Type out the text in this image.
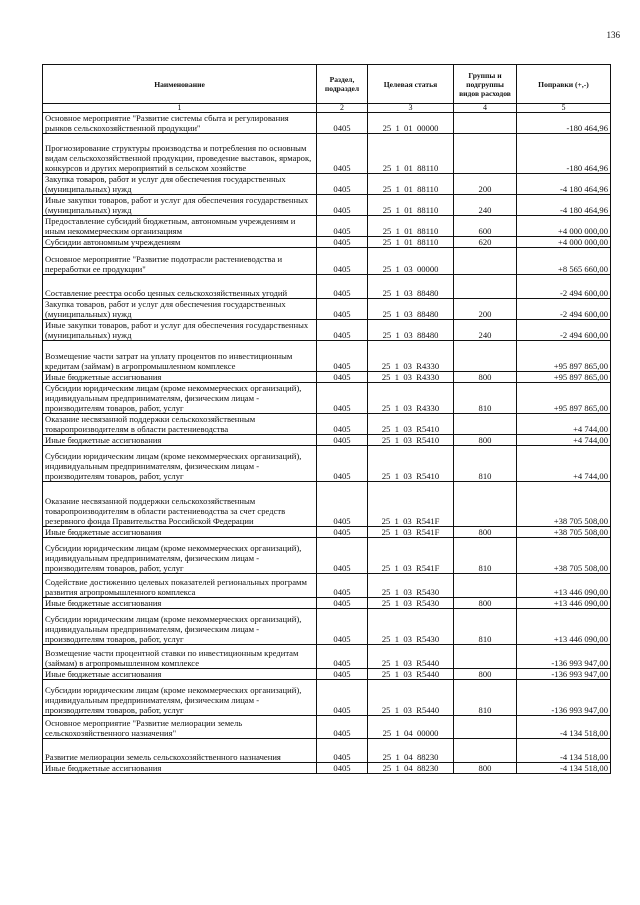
136
Наименование	Раздел, подраздел	Целевая статья	Группы и подгруппы видов расходов	Поправки (+,-)
1	2	3	4	5
Основное мероприятие "Развитие системы сбыта и регулирования рынков сельскохозяйственной продукции"	0405	25  1  01  00000		-180 464,96
Прогнозирование структуры производства и потребления по основным видам сельскохозяйственной продукции, проведение выставок, ярмарок, конкурсов и других мероприятий в сельском хозяйстве	0405	25  1  01  88110		-180 464,96
Закупка товаров, работ и услуг для обеспечения государственных (муниципальных) нужд	0405	25  1  01  88110	200	-4 180 464,96
Иные закупки товаров, работ и услуг для обеспечения государственных (муниципальных) нужд	0405	25  1  01  88110	240	-4 180 464,96
Предоставление субсидий бюджетным, автономным учреждениям и иным некоммерческим организациям	0405	25  1  01  88110	600	+4 000 000,00
Субсидии автономным учреждениям	0405	25  1  01  88110	620	+4 000 000,00
Основное мероприятие "Развитие подотрасли растениеводства и переработки ее продукции"	0405	25  1  03  00000		+8 565 660,00
Составление реестра особо ценных сельскохозяйственных угодий	0405	25  1  03  88480		-2 494 600,00
Закупка товаров, работ и услуг для обеспечения государственных (муниципальных) нужд	0405	25  1  03  88480	200	-2 494 600,00
Иные закупки товаров, работ и услуг для обеспечения государственных (муниципальных) нужд	0405	25  1  03  88480	240	-2 494 600,00
Возмещение части затрат на уплату процентов по инвестиционным кредитам (займам) в агропромышленном комплексе	0405	25  1  03  R4330		+95 897 865,00
Иные бюджетные ассигнования	0405	25  1  03  R4330	800	+95 897 865,00
Субсидии юридическим лицам (кроме некоммерческих организаций), индивидуальным предпринимателям, физическим лицам - производителям товаров, работ, услуг	0405	25  1  03  R4330	810	+95 897 865,00
Оказание несвязанной поддержки сельскохозяйственным товаропроизводителям в области растениеводства	0405	25  1  03  R5410		+4 744,00
Иные бюджетные ассигнования	0405	25  1  03  R5410	800	+4 744,00
Субсидии юридическим лицам (кроме некоммерческих организаций), индивидуальным предпринимателям, физическим лицам - производителям товаров, работ, услуг	0405	25  1  03  R5410	810	+4 744,00
Оказание несвязанной поддержки сельскохозяйственным товаропроизводителям в области растениеводства за счет средств резервного фонда Правительства Российской Федерации	0405	25  1  03  R541F		+38 705 508,00
Иные бюджетные ассигнования	0405	25  1  03  R541F	800	+38 705 508,00
Субсидии юридическим лицам (кроме некоммерческих организаций), индивидуальным предпринимателям, физическим лицам - производителям товаров, работ, услуг	0405	25  1  03  R541F	810	+38 705 508,00
Содействие достижению целевых показателей региональных программ развития агропромышленного комплекса	0405	25  1  03  R5430		+13 446 090,00
Иные бюджетные ассигнования	0405	25  1  03  R5430	800	+13 446 090,00
Субсидии юридическим лицам (кроме некоммерческих организаций), индивидуальным предпринимателям, физическим лицам - производителям товаров, работ, услуг	0405	25  1  03  R5430	810	+13 446 090,00
Возмещение части процентной ставки по инвестиционным кредитам (займам) в агропромышленном комплексе	0405	25  1  03  R5440		-136 993 947,00
Иные бюджетные ассигнования	0405	25  1  03  R5440	800	-136 993 947,00
Субсидии юридическим лицам (кроме некоммерческих организаций), индивидуальным предпринимателям, физическим лицам - производителям товаров, работ, услуг	0405	25  1  03  R5440	810	-136 993 947,00
Основное мероприятие "Развитие мелиорации земель сельскохозяйственного назначения"	0405	25  1  04  00000		-4 134 518,00
Развитие мелиорации земель сельскохозяйственного назначения	0405	25  1  04  88230		-4 134 518,00
Иные бюджетные ассигнования	0405	25  1  04  88230	800	-4 134 518,00
